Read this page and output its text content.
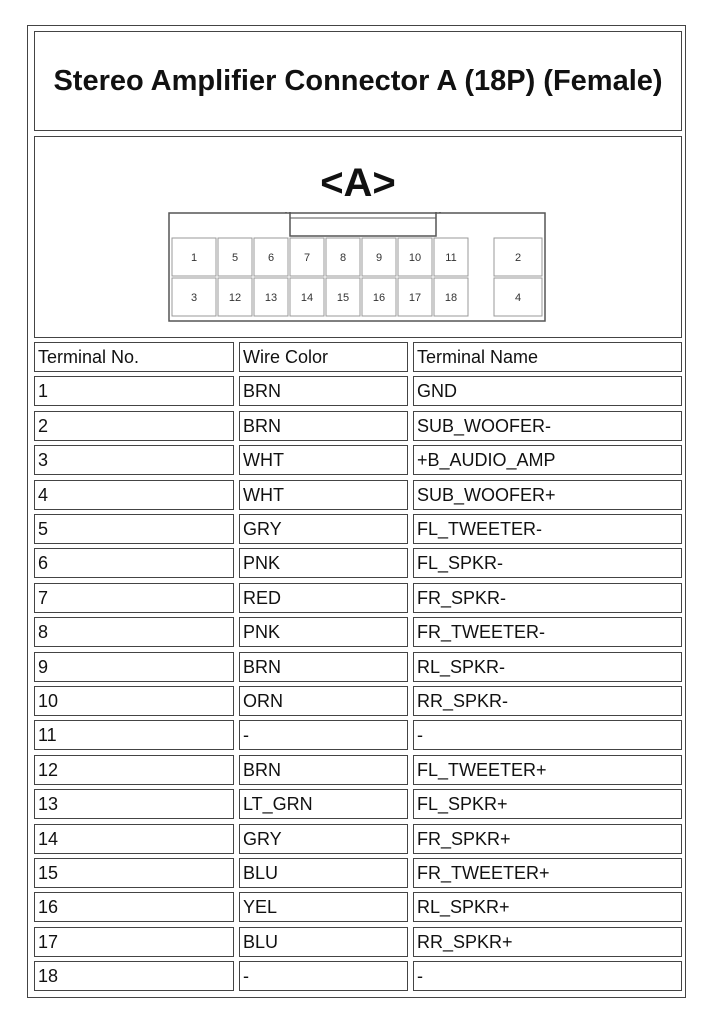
Stereo Amplifier Connector A (18P) (Female)
<A>
1	5	6	7	8	9 10 11	2
3	12 13 14 15 16 17 18	4
Terminal No.	Wire Color	Terminal Name
1	BRN	GND
2	BRN	SUB_WOOFER-
3	WHT	+B_AUDIO_AMP
4	WHT	SUB_WOOFER+
5	GRY	FL_TWEETER-
6	PNK	FL_SPKR-
7	RED	FR_SPKR-
8	PNK	FR_TWEETER-
9	BRN	RL_SPKR-
10	ORN	RR_SPKR-
11	-	-
12	BRN	FL_TWEETER+
13	LT_GRN	FL_SPKR+
14	GRY	FR_SPKR+
15	BLU	FR_TWEETER+
16	YEL	RL_SPKR+
17	BLU	RR_SPKR+
18	-	-
